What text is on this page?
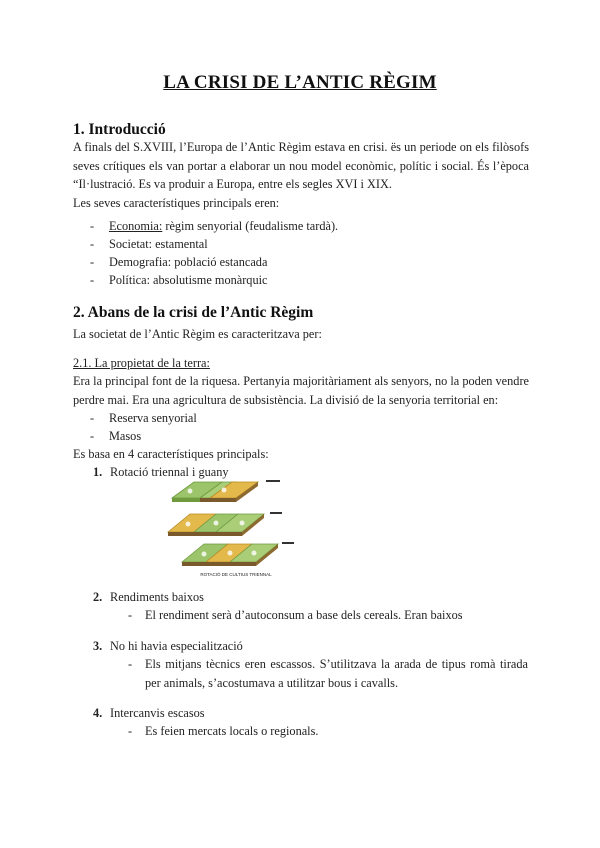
LA CRISI DE L’ANTIC RÈGIM
1. Introducció
A finals del S.XVIII, l’Europa de l’Antic Règim estava en crisi. ës un periode on els filòsofs
seves crítiques els van portar a elaborar un nou model econòmic, polític i social. És l’època
“Il·lustració. Es va produir a Europa, entre els segles XVI i XIX.
Les seves característiques principals eren:
- Economia: règim senyorial (feudalisme tardà).
- Societat: estamental
- Demografia: població estancada
- Política: absolutisme monàrquic
2. Abans de la crisi de l’Antic Règim
La societat de l’Antic Règim es caracteritzava per:
2.1. La propietat de la terra:
Era la principal font de la riquesa. Pertanyia majoritàriament als senyors, no la poden vendre
perdre mai. Era una agricultura de subsistència. La divisió de la senyoria territorial en:
- Reserva senyorial
- Masos
Es basa en 4 característiques principals:
1. Rotació triennal i guany
ROTACIÓ DE CULTIUS TRIENNAL
2. Rendiments baixos
- El rendiment serà d’autoconsum a base dels cereals. Eran baixos
3. No hi havia especialització
- Els mitjans tècnics eren escassos. S’utilitzava la arada de tipus romà tirada per animals, s’acostumava a utilitzar bous i cavalls.
4. Intercanvis escasos
- Es feien mercats locals o regionals.
